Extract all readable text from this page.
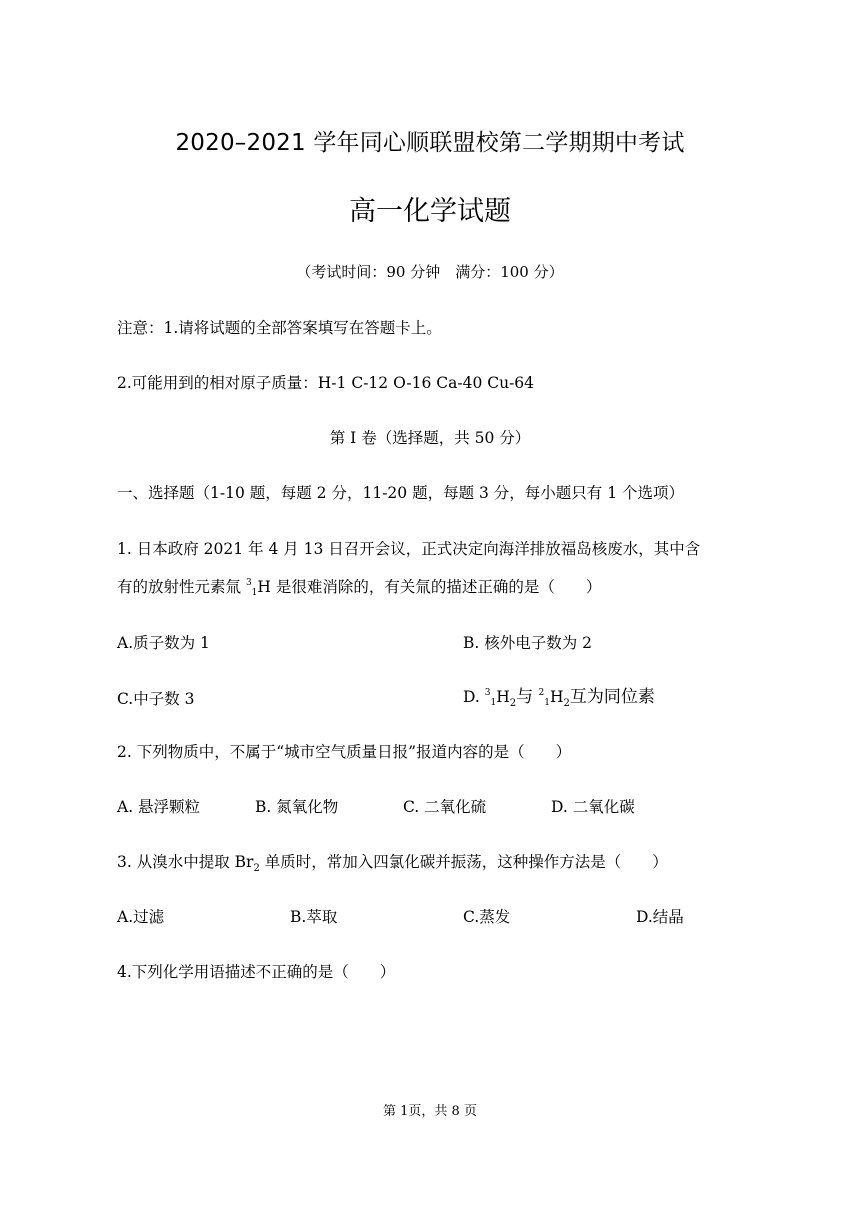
2020–2021 学年同心顺联盟校第二学期期中考试
高一化学试题
（考试时间：90 分钟　满分：100 分）
注意：1.请将试题的全部答案填写在答题卡上。
2.可能用到的相对原子质量：H-1 C-12 O-16 Ca-40 Cu-64
第 I 卷（选择题，共 50 分）
一、选择题（1-10 题，每题 2 分，11-20 题，每题 3 分，每小题只有 1 个选项）
1. 日本政府 2021 年 4 月 13 日召开会议，正式决定向海洋排放福岛核废水，其中含
有的放射性元素氚 $^3$1H 是很难消除的，有关氚的描述正确的是（　　）
A.质子数为 1	B. 核外电子数为 2
C.中子数 3	D. $^31H_2$与 $^21H_2$互为同位素
2. 下列物质中，不属于“城市空气质量日报”报道内容的是（　　）
A. 悬浮颗粒	B. 氮氧化物	C. 二氧化硫	D. 二氧化碳
3. 从溴水中提取 $Br_2$ 单质时，常加入四氯化碳并振荡，这种操作方法是（　　）
A.过滤	B.萃取	C.蒸发	D.结晶
4.下列化学用语描述不正确的是（　　）
第 1页，共 8 页
